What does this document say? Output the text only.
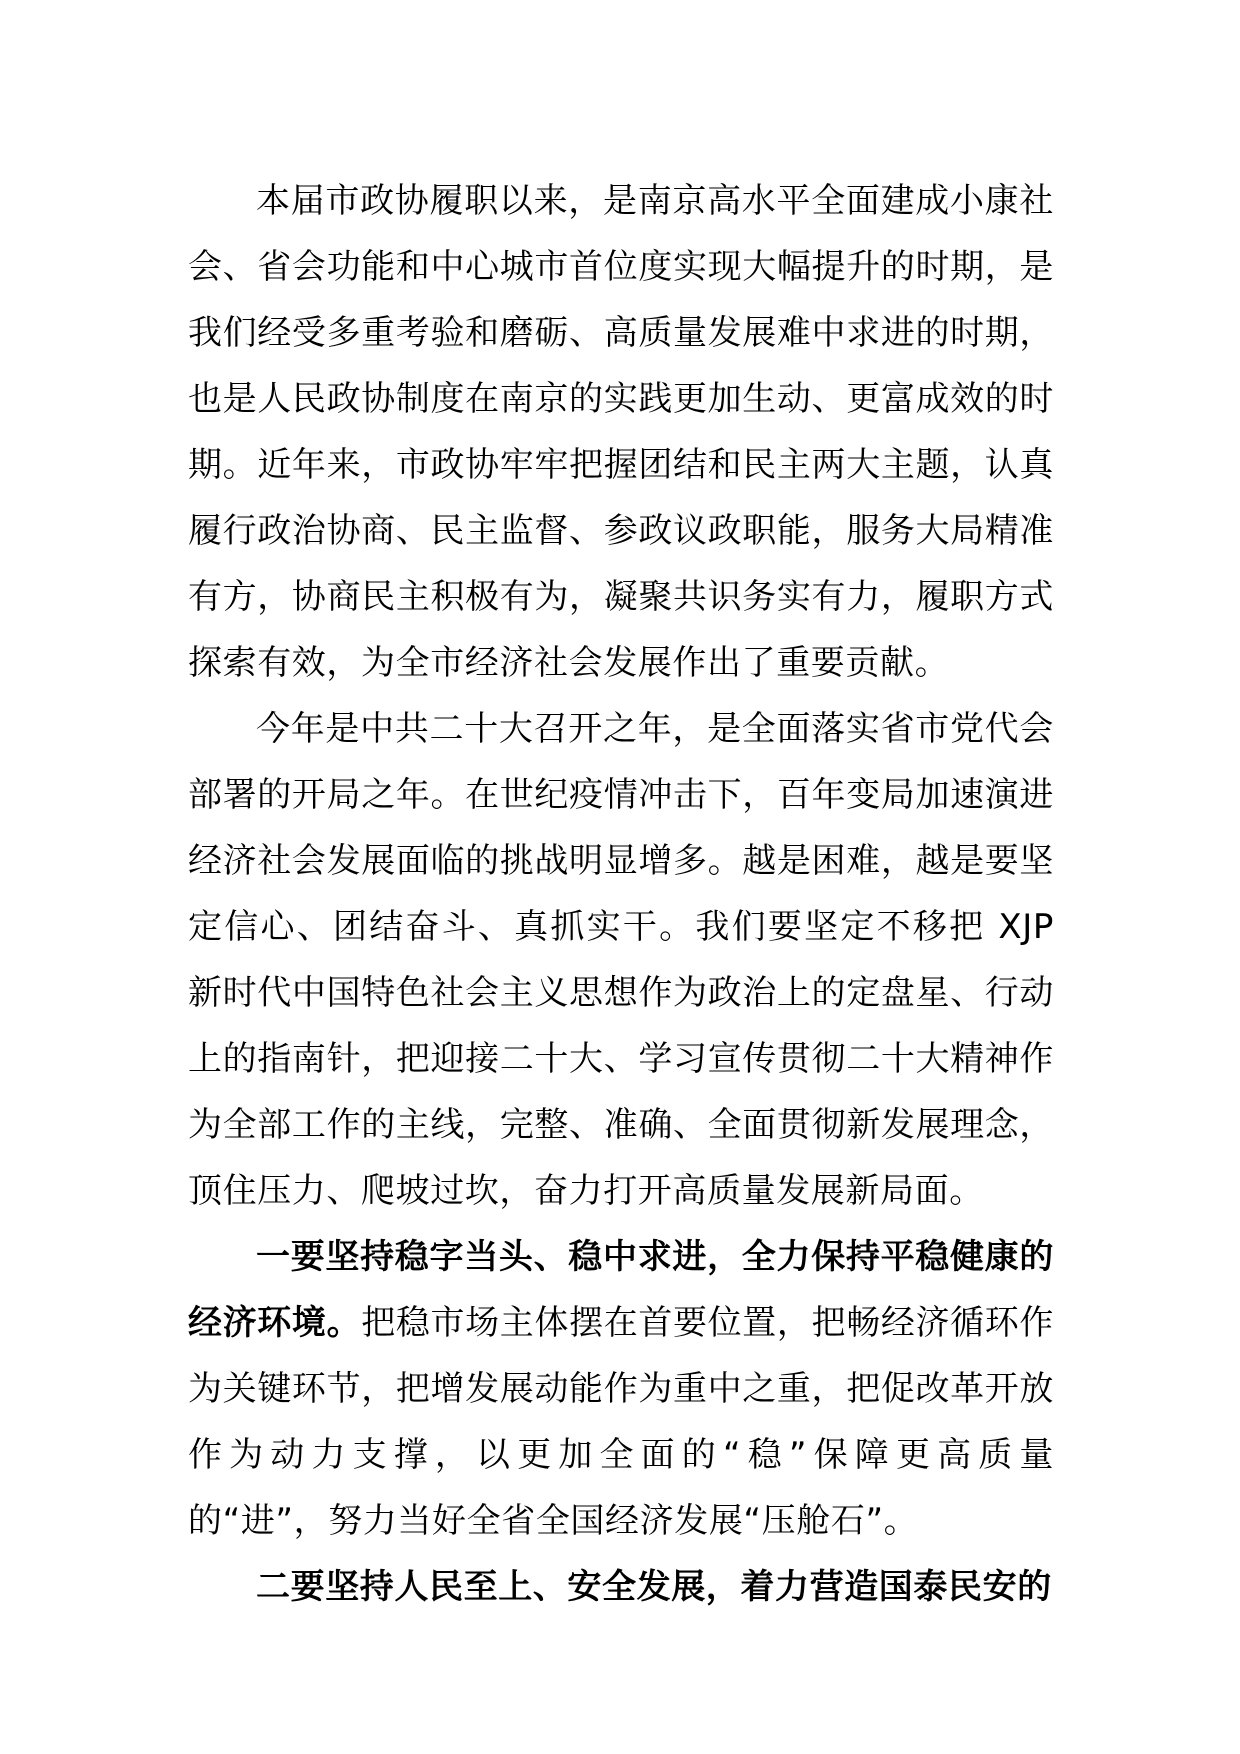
本届市政协履职以来，是南京高水平全面建成小康社会、省会功能和中心城市首位度实现大幅提升的时期，是我们经受多重考验和磨砺、高质量发展难中求进的时期，也是人民政协制度在南京的实践更加生动、更富成效的时期。近年来，市政协牢牢把握团结和民主两大主题，认真履行政治协商、民主监督、参政议政职能，服务大局精准有方，协商民主积极有为，凝聚共识务实有力，履职方式探索有效，为全市经济社会发展作出了重要贡献。

今年是中共二十大召开之年，是全面落实省市党代会部署的开局之年。在世纪疫情冲击下，百年变局加速演进经济社会发展面临的挑战明显增多。越是困难，越是要坚定信心、团结奋斗、真抓实干。我们要坚定不移把 XJP 新时代中国特色社会主义思想作为政治上的定盘星、行动上的指南针，把迎接二十大、学习宣传贯彻二十大精神作为全部工作的主线，完整、准确、全面贯彻新发展理念，顶住压力、爬坡过坎，奋力打开高质量发展新局面。

一要坚持稳字当头、稳中求进，全力保持平稳健康的经济环境。把稳市场主体摆在首要位置，把畅经济循环作为关键环节，把增发展动能作为重中之重，把促改革开放作为动力支撑，以更加全面的“稳”保障更高质量的“进”，努力当好全省全国经济发展“压舱石”。

二要坚持人民至上、安全发展，着力营造国泰民安的
